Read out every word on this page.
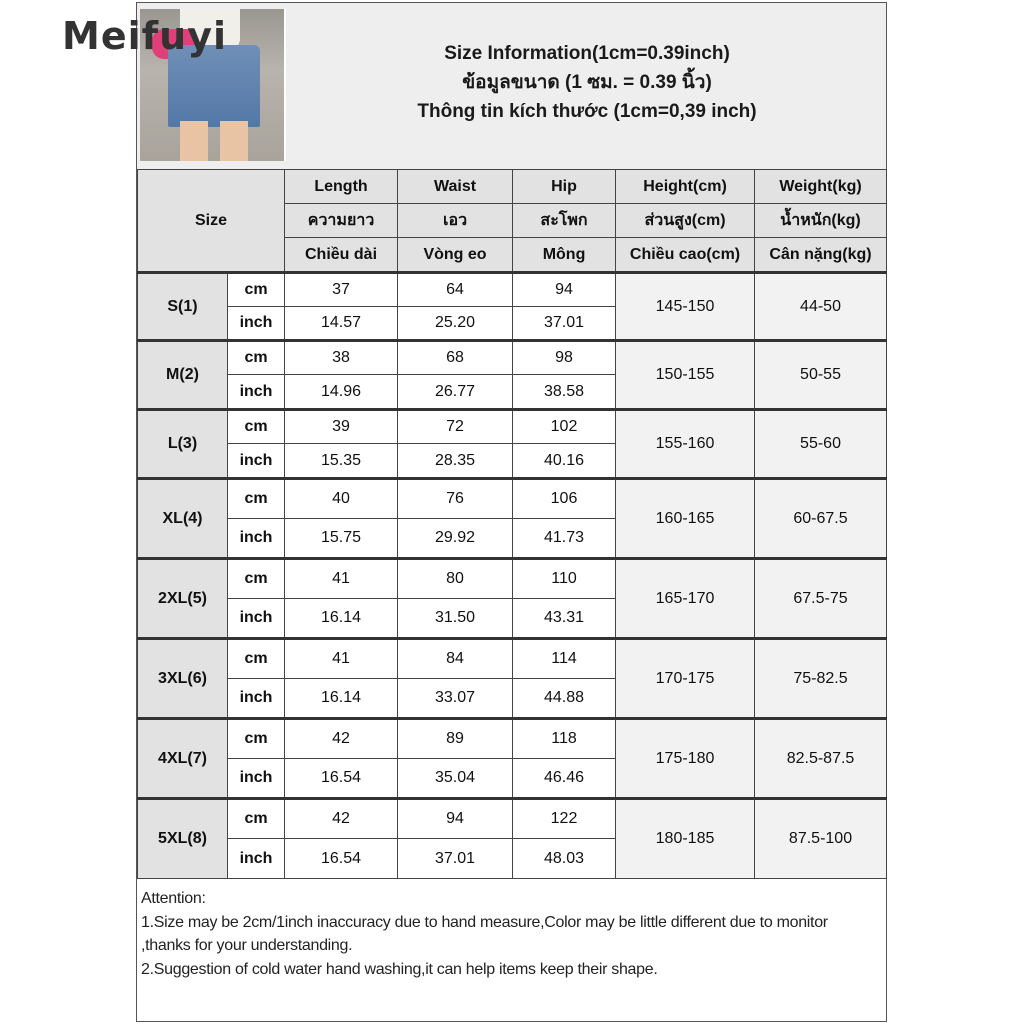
Meifuyi	Size Information(1cm=0.39inch)
ข้อมูลขนาด (1 ซม. = 0.39 นิ้ว)
Thông tin kích thước (1cm=0,39 inch)
Size		Length	Waist	Hip	Height(cm)	Weight(kg)
		ความยาว	เอว	สะโพก	ส่วนสูง(cm)	น้ำหนัก(kg)
		Chiều dài	Vòng eo	Mông	Chiều cao(cm)	Cân nặng(kg)
S(1)	cm	37	64	94	145-150	44-50
	inch	14.57	25.20	37.01		
M(2)	cm	38	68	98	150-155	50-55
	inch	14.96	26.77	38.58		
L(3)	cm	39	72	102	155-160	55-60
	inch	15.35	28.35	40.16		
XL(4)	cm	40	76	106	160-165	60-67.5
	inch	15.75	29.92	41.73		
2XL(5)	cm	41	80	110	165-170	67.5-75
	inch	16.14	31.50	43.31		
3XL(6)	cm	41	84	114	170-175	75-82.5
	inch	16.14	33.07	44.88		
4XL(7)	cm	42	89	118	175-180	82.5-87.5
	inch	16.54	35.04	46.46		
5XL(8)	cm	42	94	122	180-185	87.5-100
	inch	16.54	37.01	48.03		
Attention:
1.Size may be 2cm/1inch inaccuracy due to hand measure,Color may be little different due to monitor ,thanks for your understanding.
2.Suggestion of cold water hand washing,it can help items keep their shape.
